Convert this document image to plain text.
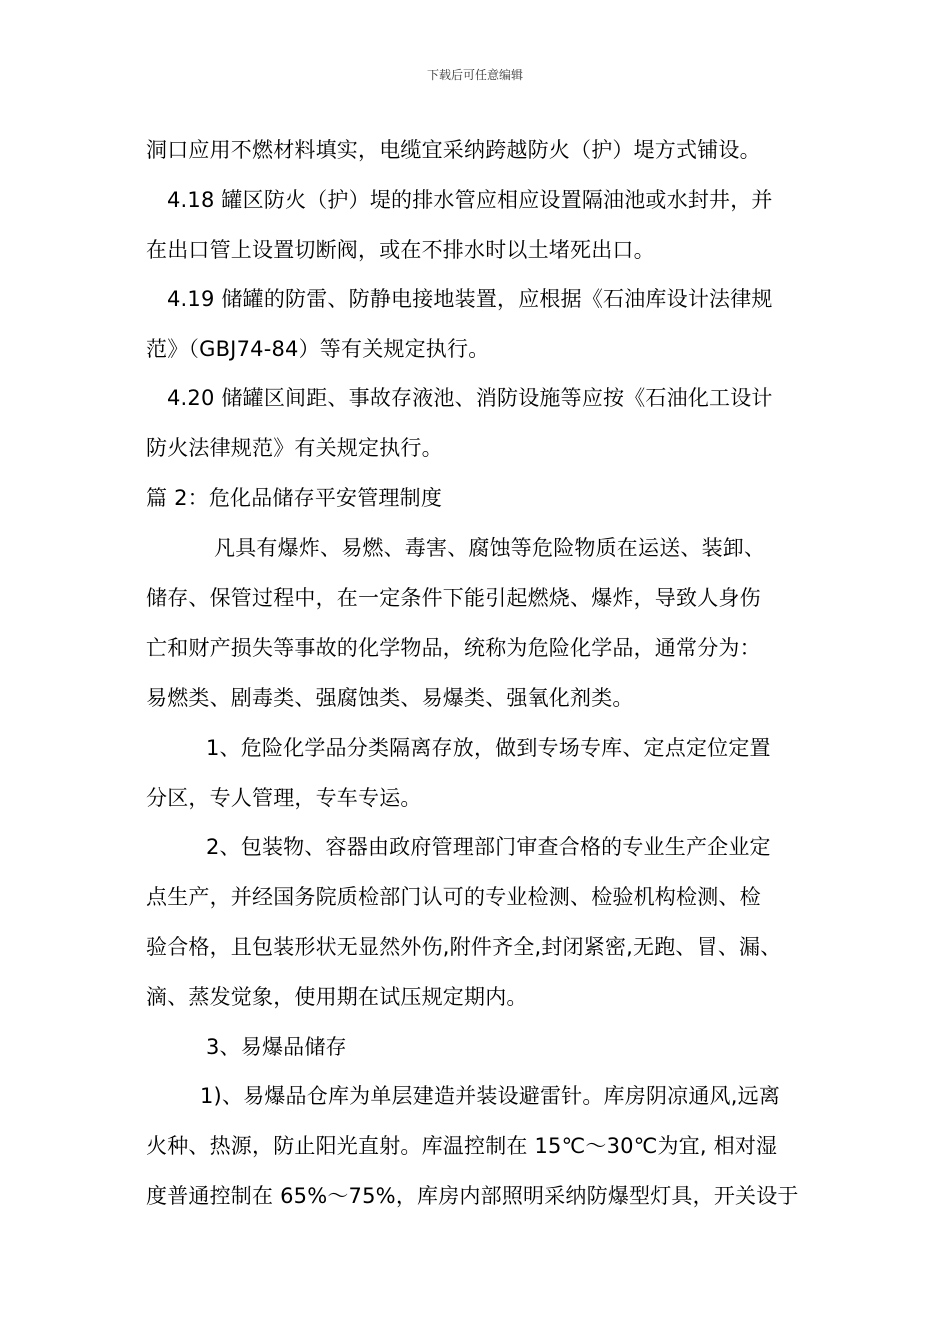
下载后可任意编辑
洞口应用不燃材料填实，电缆宜采纳跨越防火（护）堤方式铺设。
4.18 罐区防火（护）堤的排水管应相应设置隔油池或水封井，并
在出口管上设置切断阀，或在不排水时以土堵死出口。
4.19 储罐的防雷、防静电接地装置，应根据《石油库设计法律规
范》（GBJ74-84）等有关规定执行。
4.20 储罐区间距、事故存液池、消防设施等应按《石油化工设计
防火法律规范》有关规定执行。
篇 2：危化品储存平安管理制度
凡具有爆炸、易燃、毒害、腐蚀等危险物质在运送、装卸、
储存、保管过程中，在一定条件下能引起燃烧、爆炸，导致人身伤
亡和财产损失等事故的化学物品，统称为危险化学品，通常分为：
易燃类、剧毒类、强腐蚀类、易爆类、强氧化剂类。
1、危险化学品分类隔离存放，做到专场专库、定点定位定置
分区，专人管理，专车专运。
2、包装物、容器由政府管理部门审查合格的专业生产企业定
点生产，并经国务院质检部门认可的专业检测、检验机构检测、检
验合格，且包装形状无显然外伤,附件齐全,封闭紧密,无跑、冒、漏、
滴、蒸发觉象，使用期在试压规定期内。
3、易爆品储存
1)、易爆品仓库为单层建造并装设避雷针。库房阴凉通风,远离
火种、热源，防止阳光直射。库温控制在 15℃～30℃为宜, 相对湿
度普通控制在 65%～75%，库房内部照明采纳防爆型灯具，开关设于
